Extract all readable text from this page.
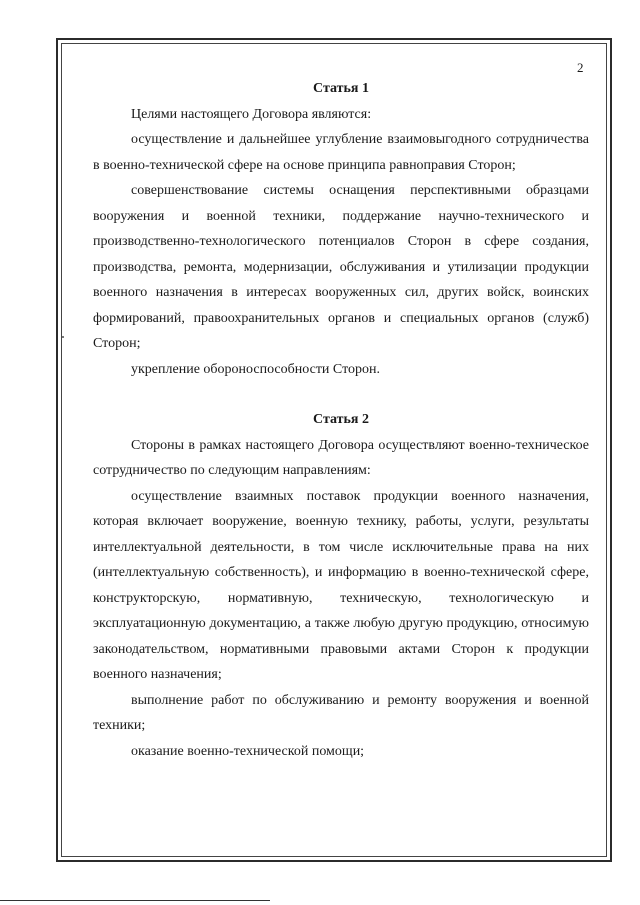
2
Статья 1

Целями настоящего Договора являются:

осуществление и дальнейшее углубление взаимовыгодного сотрудничества в военно-технической сфере на основе принципа равноправия Сторон;

совершенствование системы оснащения перспективными образцами вооружения и военной техники, поддержание научно-технического и производственно-технологического потенциалов Сторон в сфере создания, производства, ремонта, модернизации, обслуживания и утилизации продукции военного назначения в интересах вооруженных сил, других войск, воинских формирований, правоохранительных органов и специальных органов (служб) Сторон;

укрепление обороноспособности Сторон.

Статья 2

Стороны в рамках настоящего Договора осуществляют военно-техническое сотрудничество по следующим направлениям:

осуществление взаимных поставок продукции военного назначения, которая включает вооружение, военную технику, работы, услуги, результаты интеллектуальной деятельности, в том числе исключительные права на них (интеллектуальную собственность), и информацию в военно-технической сфере, конструкторскую, нормативную, техническую, технологическую и эксплуатационную документацию, а также любую другую продукцию, относимую законодательством, нормативными правовыми актами Сторон к продукции военного назначения;

выполнение работ по обслуживанию и ремонту вооружения и военной техники;

оказание военно-технической помощи;
